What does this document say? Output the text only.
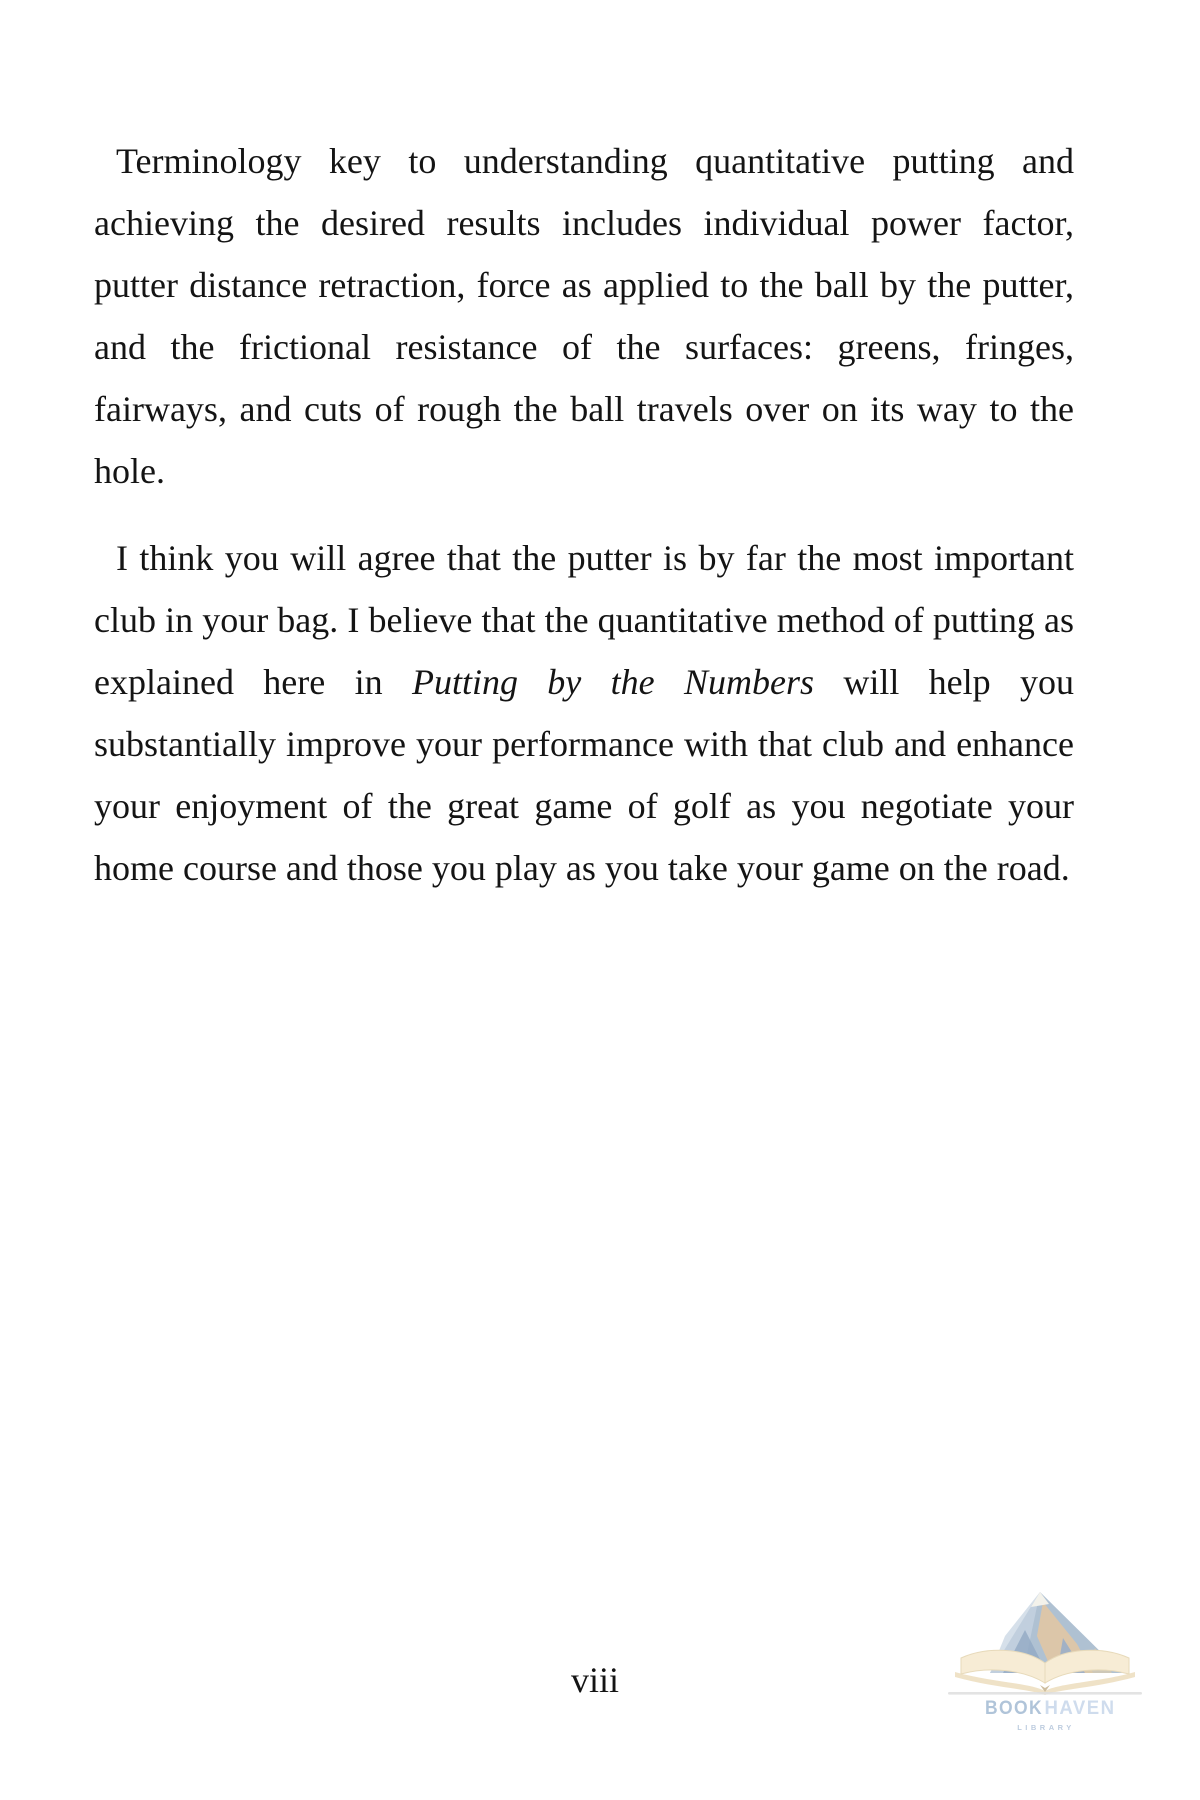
Terminology key to understanding quantitative putting and achieving the desired results includes individual power factor, putter distance retraction, force as applied to the ball by the putter, and the frictional resistance of the surfaces: greens, fringes, fairways, and cuts of rough the ball travels over on its way to the hole.

I think you will agree that the putter is by far the most important club in your bag. I believe that the quantitative method of putting as explained here in Putting by the Numbers will help you substantially improve your performance with that club and enhance your enjoyment of the great game of golf as you negotiate your home course and those you play as you take your game on the road.

viii
BOOK HAVEN
LIBRARY
